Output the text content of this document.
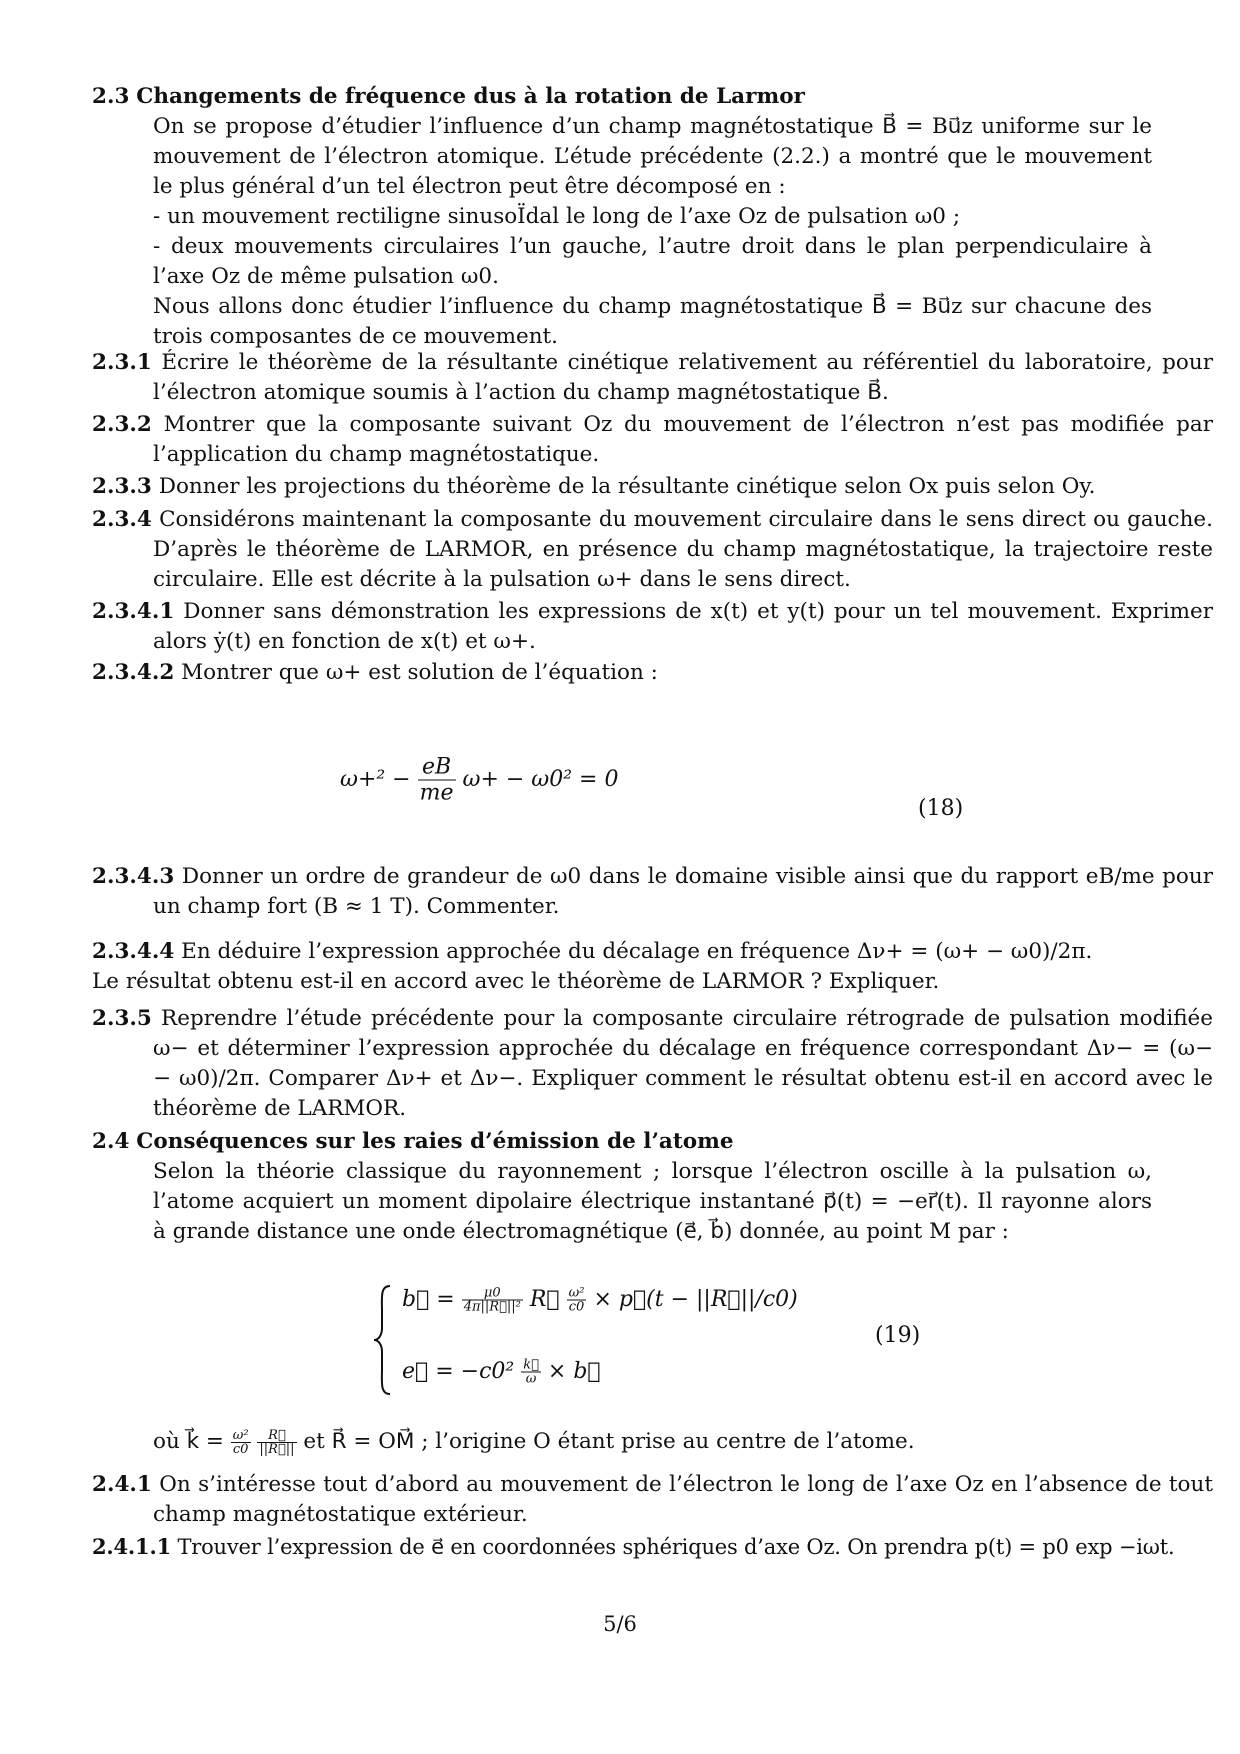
2.3 Changements de fréquence dus à la rotation de Larmor
On se propose d’étudier l’influence d’un champ magnétostatique B⃗ = Bu⃗z uniforme sur le mouvement de l’électron atomique. L’étude précédente (2.2.) a montré que le mouvement le plus général d’un tel électron peut être décomposé en :
- un mouvement rectiligne sinusoÏdal le long de l’axe Oz de pulsation ω0 ;
- deux mouvements circulaires l’un gauche, l’autre droit dans le plan perpendiculaire à l’axe Oz de même pulsation ω0.
Nous allons donc étudier l’influence du champ magnétostatique B⃗ = Bu⃗z sur chacune des trois composantes de ce mouvement.
2.3.1 Écrire le théorème de la résultante cinétique relativement au référentiel du laboratoire, pour l’électron atomique soumis à l’action du champ magnétostatique B⃗.
2.3.2 Montrer que la composante suivant Oz du mouvement de l’électron n’est pas modifiée par l’application du champ magnétostatique.
2.3.3 Donner les projections du théorème de la résultante cinétique selon Ox puis selon Oy.
2.3.4 Considérons maintenant la composante du mouvement circulaire dans le sens direct ou gauche. D’après le théorème de LARMOR, en présence du champ magnétostatique, la trajectoire reste circulaire. Elle est décrite à la pulsation ω+ dans le sens direct.
2.3.4.1 Donner sans démonstration les expressions de x(t) et y(t) pour un tel mouvement. Exprimer alors ẏ(t) en fonction de x(t) et ω+.
2.3.4.2 Montrer que ω+ est solution de l’équation :
$\omega+^2 - \frac{eB}{me} \omega+ - \omega 0^2 = 0$
(18)
2.3.4.3 Donner un ordre de grandeur de ω0 dans le domaine visible ainsi que du rapport eB/me pour un champ fort (B ≈ 1 T). Commenter.
2.3.4.4 En déduire l’expression approchée du décalage en fréquence Δν+ = (ω+ − ω0)/2π.
Le résultat obtenu est-il en accord avec le théorème de LARMOR ? Expliquer.
2.3.5 Reprendre l’étude précédente pour la composante circulaire rétrograde de pulsation modifiée ω− et déterminer l’expression approchée du décalage en fréquence correspondant Δν− = (ω− − ω0)/2π. Comparer Δν+ et Δν−. Expliquer comment le résultat obtenu est-il en accord avec le théorème de LARMOR.
2.4 Conséquences sur les raies d’émission de l’atome
Selon la théorie classique du rayonnement ; lorsque l’électron oscille à la pulsation ω, l’atome acquiert un moment dipolaire électrique instantané p⃗(t) = −er⃗(t). Il rayonne alors à grande distance une onde électromagnétique (e⃗, b⃗) donnée, au point M par :
b⃗ = $\frac{\mu 0}{\text{4π||R⃗||²}}$ R⃗ $\frac{\text{ω²}}{c0}$ × p⃗(t − ||R⃗||/c0)
e⃗ = $-c0^2 \frac{k⃗}{\omega}$ × b⃗
(19)
où k⃗ = $\frac{\text{ω²}}{c0}$
$\frac{R⃗}{||R⃗||}$ et R⃗ = OM⃗ ; l’origine O étant prise au centre de l’atome.
2.4.1 On s’intéresse tout d’abord au mouvement de l’électron le long de l’axe Oz en l’absence de tout champ magnétostatique extérieur.
2.4.1.1 Trouver l’expression de e⃗ en coordonnées sphériques d’axe Oz. On prendra p(t) = p0 exp −iωt.
5/6
